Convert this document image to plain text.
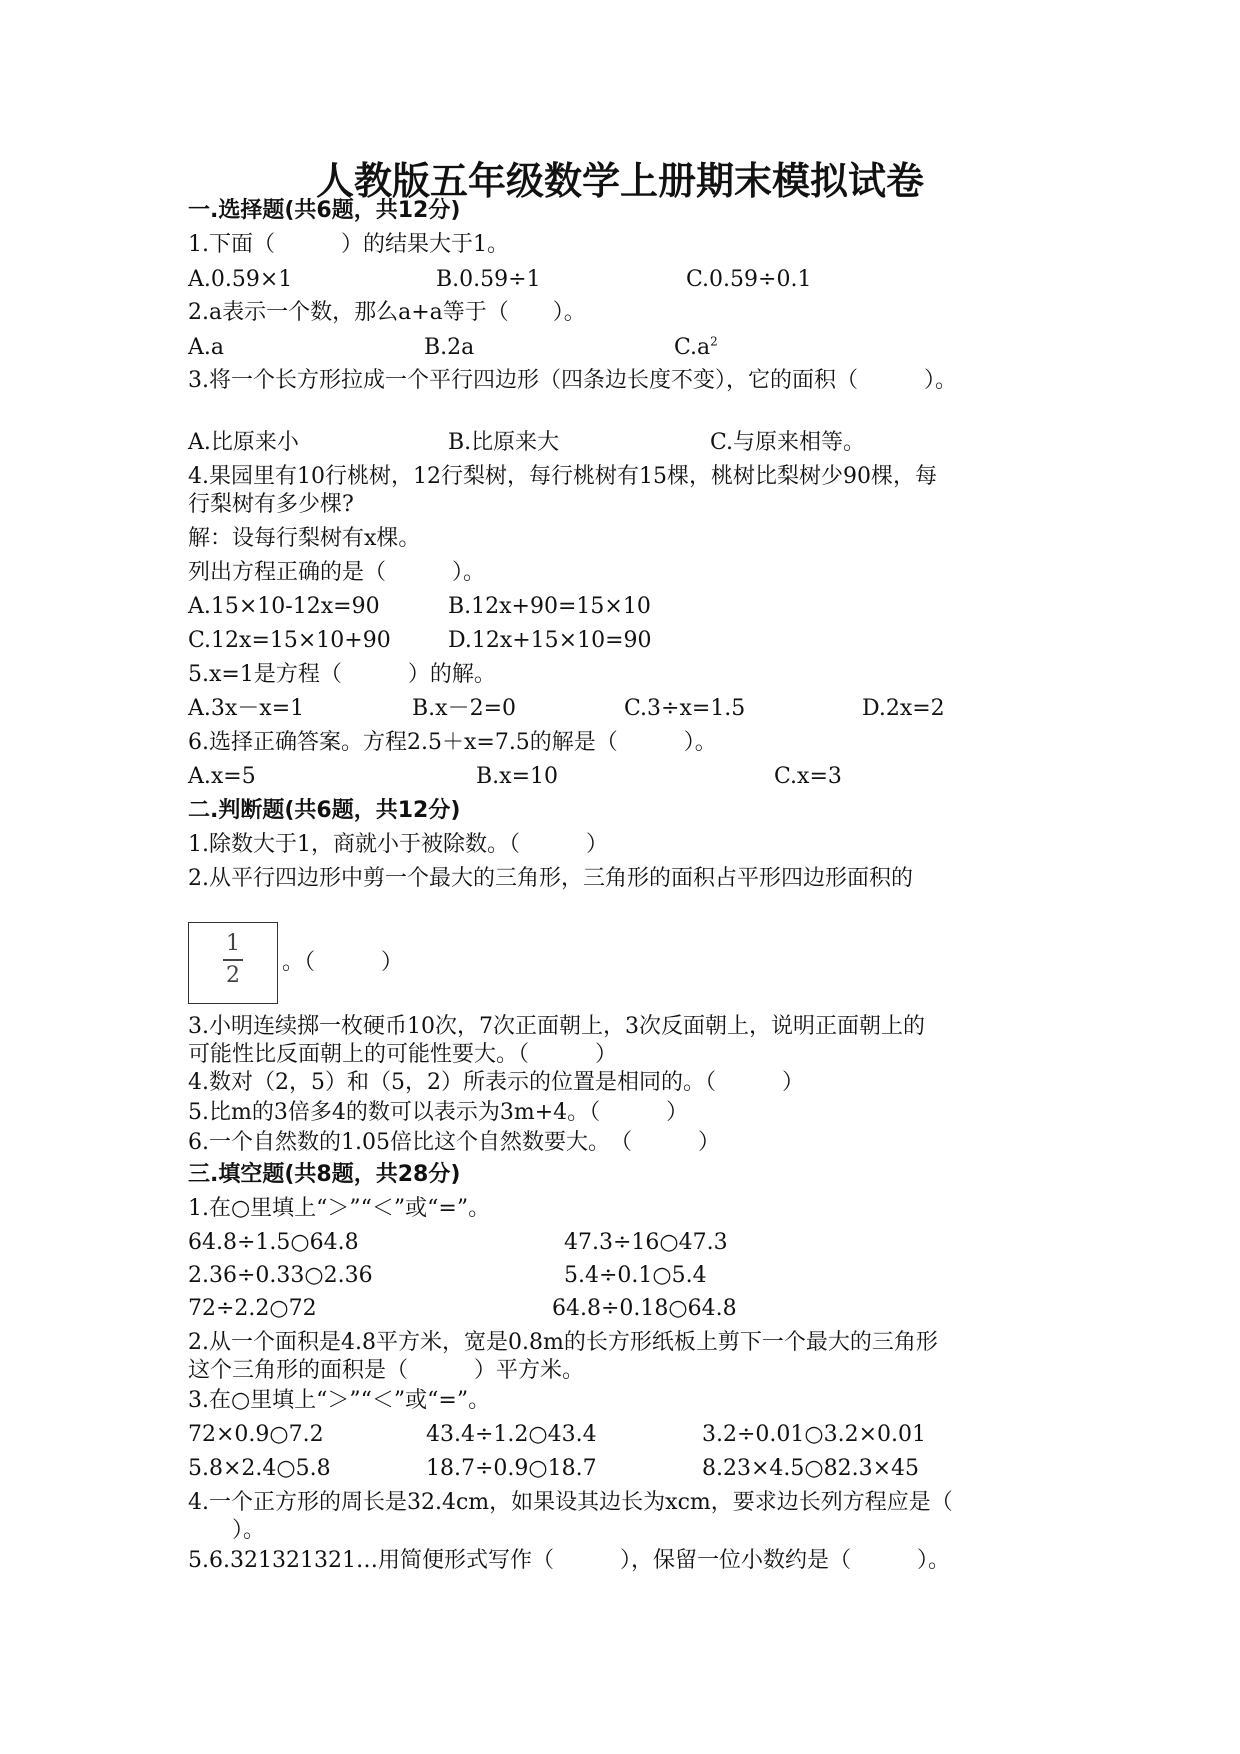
人教版五年级数学上册期末模拟试卷
一.选择题(共6题，共12分)
1.下面（　　　）的结果大于1。
A.0.59×1	B.0.59÷1	C.0.59÷0.1
2.a表示一个数，那么a+a等于（　　）。
A.a	B.2a	$C.a^2$
3.将一个长方形拉成一个平行四边形（四条边长度不变），它的面积（　　　）。
A.比原来小	B.比原来大	C.与原来相等。
4.果园里有10行桃树，12行梨树，每行桃树有15棵，桃树比梨树少90棵，每
行梨树有多少棵?
解：设每行梨树有x棵。
列出方程正确的是（　　　）。
A.15×10-12x=90	B.12x+90=15×10
C.12x=15×10+90	D.12x+15×10=90
5.x=1是方程（　　　）的解。
A.3x－x=1	B.x－2=0	C.3÷x=1.5	D.2x=2
6.选择正确答案。方程2.5＋x=7.5的解是（　　　）。
A.x=5	B.x=10	C.x=3
二.判断题(共6题，共12分)
1.除数大于1，商就小于被除数。（　　　）
2.从平行四边形中剪一个最大的三角形，三角形的面积占平形四边形面积的
1
2
。（　　　）
3.小明连续掷一枚硬币10次，7次正面朝上，3次反面朝上，说明正面朝上的
可能性比反面朝上的可能性要大。（　　　）
4.数对（2，5）和（5，2）所表示的位置是相同的。（　　　）
5.比m的3倍多4的数可以表示为3m+4。（　　　）
6.一个自然数的1.05倍比这个自然数要大。　（　　　）
三.填空题(共8题，共28分)
1.在○里填上“＞”“＜”或“=”。
64.8÷1.5○64.8	47.3÷16○47.3
2.36÷0.33○2.36	5.4÷0.1○5.4
72÷2.2○72	64.8÷0.18○64.8
2.从一个面积是4.8平方米，宽是0.8m的长方形纸板上剪下一个最大的三角形
这个三角形的面积是（　　　）平方米。
3.在○里填上“＞”“＜”或“=”。
72×0.9○7.2	43.4÷1.2○43.4	3.2÷0.01○3.2×0.01
5.8×2.4○5.8	18.7÷0.9○18.7	8.23×4.5○82.3×45
4.一个正方形的周长是32.4cm，如果设其边长为xcm，要求边长列方程应是（
　　）。
5.6.321321321…用简便形式写作（　　　），保留一位小数约是（　　　）。
